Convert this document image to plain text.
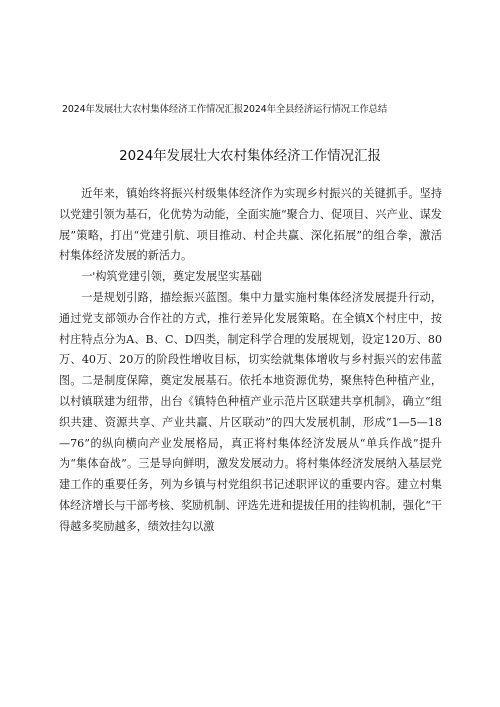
2024年发展壮大农村集体经济工作情况汇报2024年全县经济运行情况工作总结
2024年发展壮大农村集体经济工作情况汇报

近年来，镇始终将振兴村级集体经济作为实现乡村振兴的关键抓手。坚持以党建引领为基石，化优势为动能，全面实施“聚合力、促项目、兴产业、谋发展”策略，打出“党建引航、项目推动、村企共赢、深化拓展”的组合拳，激活村集体经济发展的新活力。

一'构筑党建引领，奠定发展坚实基础

一是规划引路，描绘振兴蓝图。集中力量实施村集体经济发展提升行动，通过党支部领办合作社的方式，推行差异化发展策略。在全镇X个村庄中，按村庄特点分为A、B、C、D四类，制定科学合理的发展规划，设定120万、80万、40万、20万的阶段性增收目标，切实绘就集体增收与乡村振兴的宏伟蓝图。二是制度保障，奠定发展基石。依托本地资源优势，聚焦特色种植产业，以村镇联建为纽带，出台《镇特色种植产业示范片区联建共享机制》，确立“组织共建、资源共享、产业共赢、片区联动”的四大发展机制，形成“1—5—18—76”的纵向横向产业发展格局，真正将村集体经济发展从“单兵作战”提升为“集体奋战”。三是导向鲜明，激发发展动力。将村集体经济发展纳入基层党建工作的重要任务，列为乡镇与村党组织书记述职评议的重要内容。建立村集体经济增长与干部考核、奖励机制、评选先进和提拔任用的挂钩机制，强化“干得越多奖励越多，绩效挂勾以激
